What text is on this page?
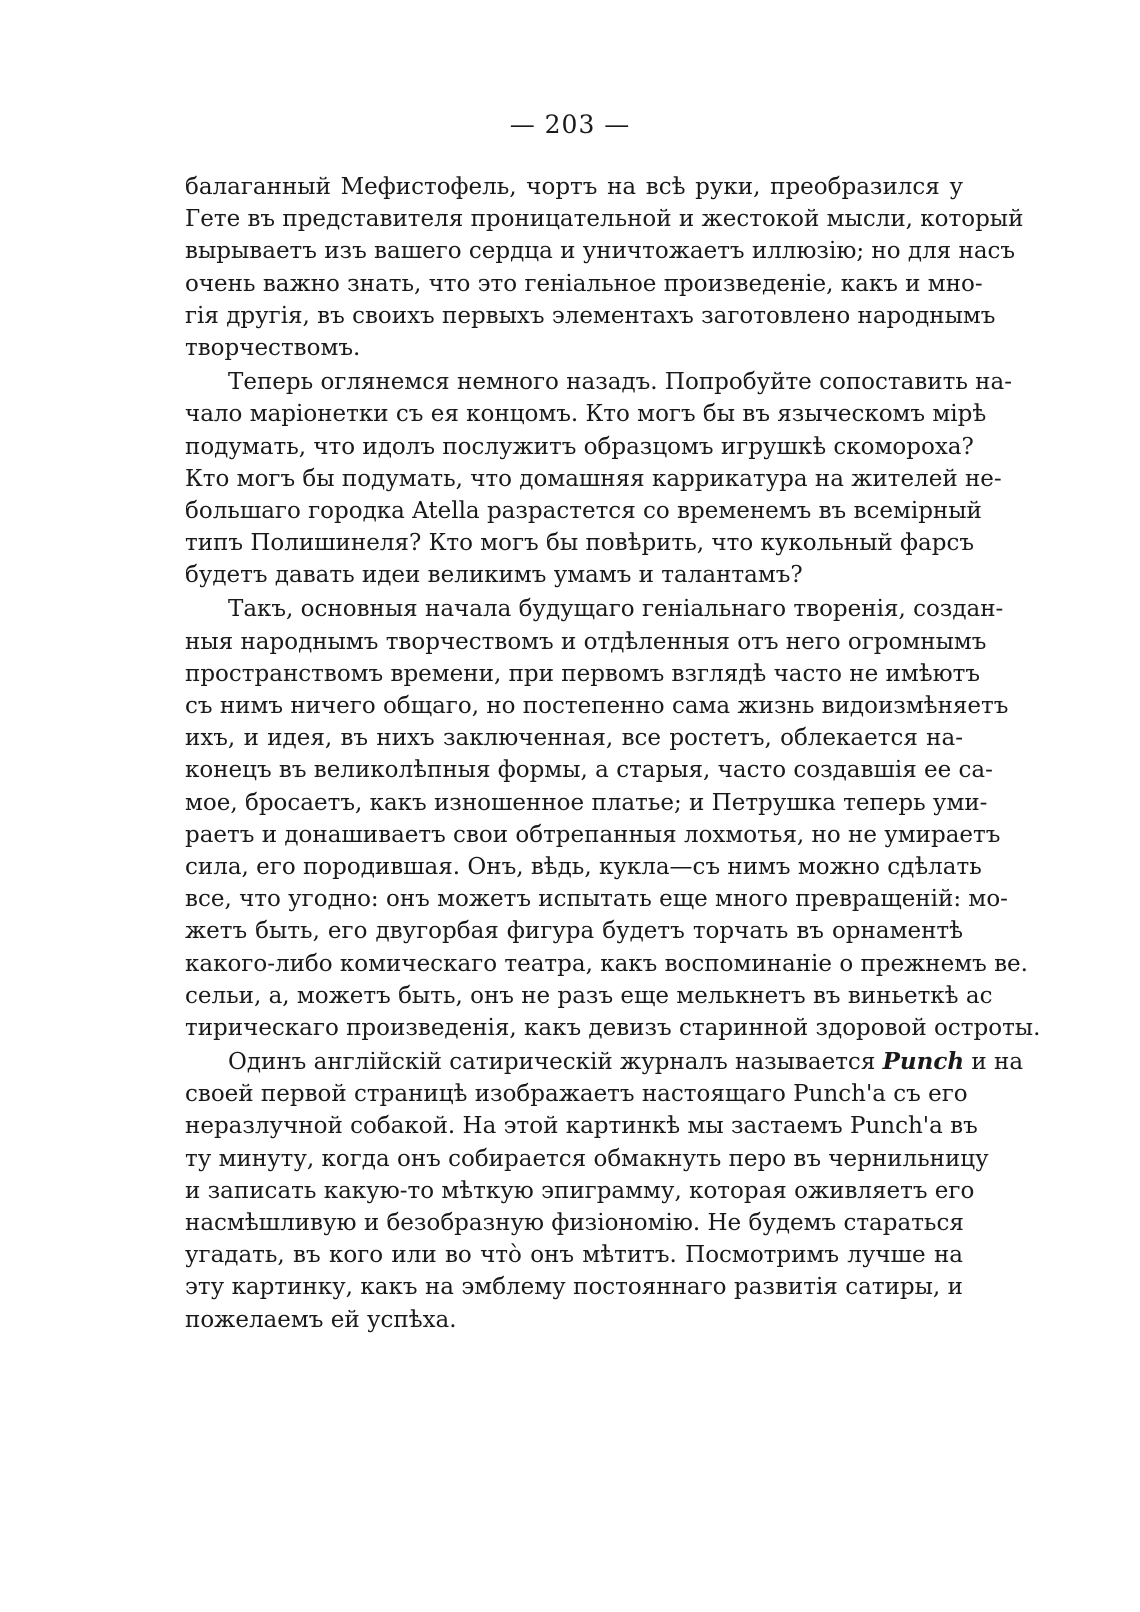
— 203 —
балаганный Мефистофель, чортъ на всѣ руки, преобразился у
Гете въ представителя проницательной и жестокой мысли, который
вырываетъ изъ вашего сердца и уничтожаетъ иллюзію; но для насъ
очень важно знать, что это геніальное произведеніе, какъ и мно-
гія другія, въ своихъ первыхъ элементахъ заготовлено народнымъ
творчествомъ.
Теперь оглянемся немного назадъ. Попробуйте сопоставить на-
чало маріонетки съ ея концомъ. Кто могъ бы въ языческомъ мірѣ
подумать, что идолъ послужитъ образцомъ игрушкѣ скомороха?
Кто могъ бы подумать, что домашняя каррикатура на жителей не-
большаго городка Atella разрастется со временемъ въ всемірный
типъ Полишинеля? Кто могъ бы повѣрить, что кукольный фарсъ
будетъ давать идеи великимъ умамъ и талантамъ?
Такъ, основныя начала будущаго геніальнаго творенія, создан-
ныя народнымъ творчествомъ и отдѣленныя отъ него огромнымъ
пространствомъ времени, при первомъ взглядѣ часто не имѣютъ
съ нимъ ничего общаго, но постепенно сама жизнь видоизмѣняетъ
ихъ, и идея, въ нихъ заключенная, все ростетъ, облекается на-
конецъ въ великолѣпныя формы, а старыя, часто создавшія ее са-
мое, бросаетъ, какъ изношенное платье; и Петрушка теперь уми-
раетъ и донашиваетъ свои обтрепанныя лохмотья, но не умираетъ
сила, его породившая. Онъ, вѣдь, кукла—съ нимъ можно сдѣлать
все, что угодно: онъ можетъ испытать еще много превращеній: мо-
жетъ быть, его двугорбая фигура будетъ торчать въ орнаментѣ
какого-либо комическаго театра, какъ воспоминаніе о прежнемъ ве.
сельи, а, можетъ быть, онъ не разъ еще мелькнетъ въ виньеткѣ ас
тирическаго произведенія, какъ девизъ старинной здоровой остроты.
Одинъ англійскій сатирическій журналъ называется Punch и на
своей первой страницѣ изображаетъ настоящаго Punch'а съ его
неразлучной собакой. На этой картинкѣ мы застаемъ Punch'а въ
ту минуту, когда онъ собирается обмакнуть перо въ чернильницу
и записать какую-то мѣткую эпиграмму, которая оживляетъ его
насмѣшливую и безобразную физіономію. Не будемъ стараться
угадать, въ кого или во чтò онъ мѣтитъ. Посмотримъ лучше на
эту картинку, какъ на эмблему постояннаго развитія сатиры, и
пожелаемъ ей успѣха.
